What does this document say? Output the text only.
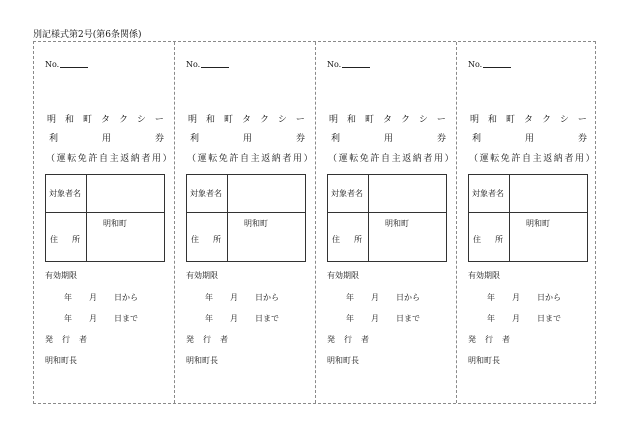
別記様式第2号(第6条関係)
No.
明 和 町 タ ク シ ー
利	用	券
（運転免許自主返納者用）
対象者名
住 所
明和町
有効期限
年 月 日から
年 月 日まで
発 行 者
明和町長
No.
明 和 町 タ ク シ ー
利	用	券
（運転免許自主返納者用）
対象者名
住 所
明和町
有効期限
年 月 日から
年 月 日まで
発 行 者
明和町長
No.
明 和 町 タ ク シ ー
利	用	券
（運転免許自主返納者用）
対象者名
住 所
明和町
有効期限
年 月 日から
年 月 日まで
発 行 者
明和町長
No.
明 和 町 タ ク シ ー
利	用	券
（運転免許自主返納者用）
対象者名
住 所
明和町
有効期限
年 月 日から
年 月 日まで
発 行 者
明和町長
